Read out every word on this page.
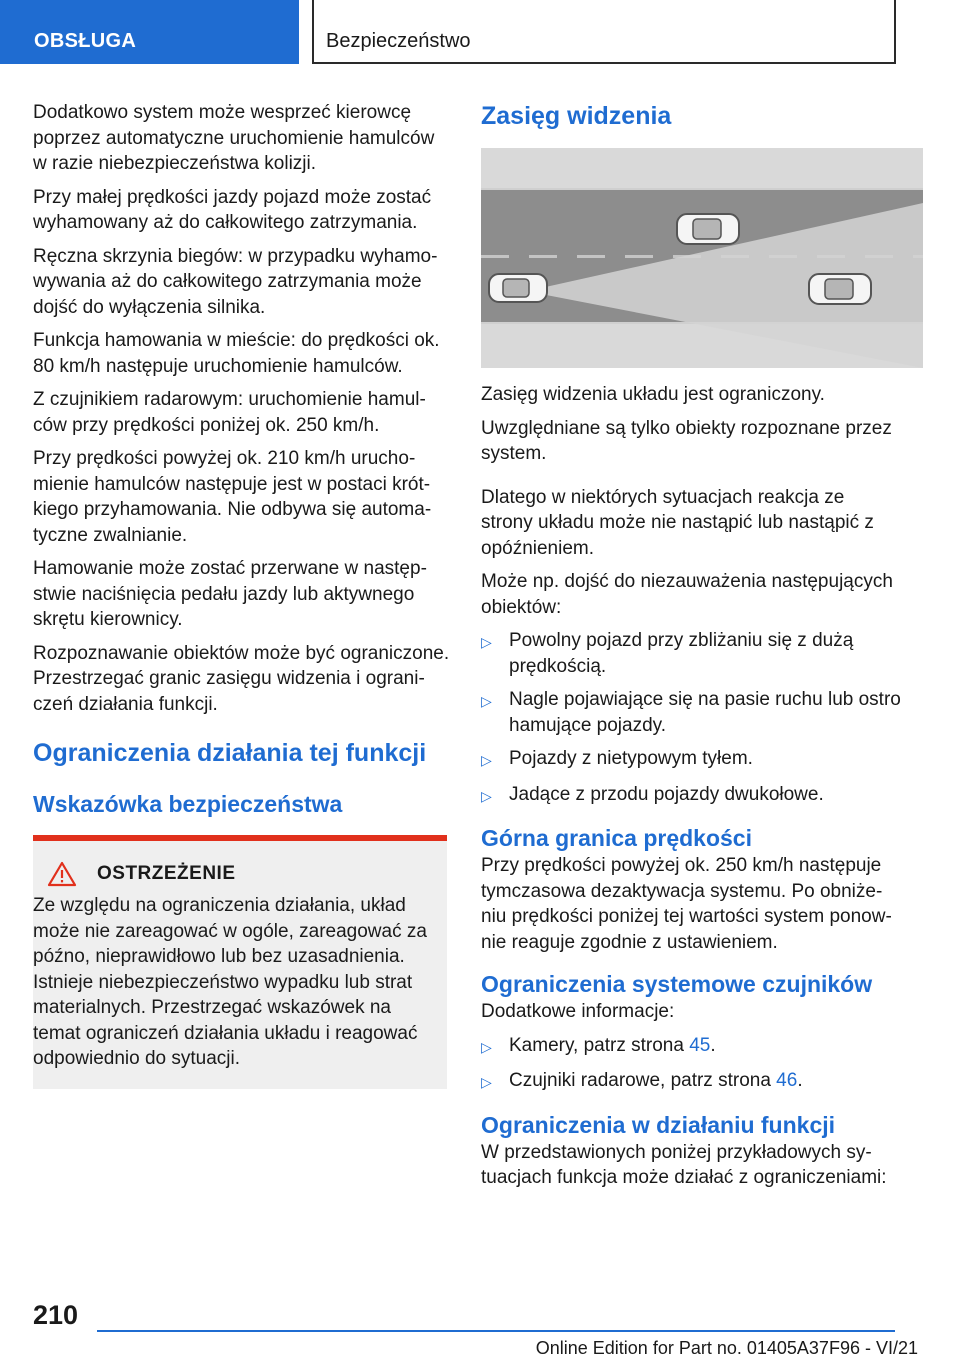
OBSŁUGA	Bezpieczeństwo

Dodatkowo system może wesprzeć kierowcę poprzez automatyczne uruchomienie hamulców w razie niebezpieczeństwa kolizji.

Przy małej prędkości jazdy pojazd może zostać wyhamowany aż do całkowitego zatrzymania.

Ręczna skrzynia biegów: w przypadku wyhamowywania aż do całkowitego zatrzymania może dojść do wyłączenia silnika.

Funkcja hamowania w mieście: do prędkości ok. 80 km/h następuje uruchomienie hamulców.

Z czujnikiem radarowym: uruchomienie hamulców przy prędkości poniżej ok. 250 km/h.

Przy prędkości powyżej ok. 210 km/h uruchomienie hamulców następuje jest w postaci krótkiego przyhamowania. Nie odbywa się automatyczne zwalnianie.

Hamowanie może zostać przerwane w następstwie naciśnięcia pedału jazdy lub aktywnego skrętu kierownicy.

Rozpoznawanie obiektów może być ograniczone. Przestrzegać granic zasięgu widzenia i ograniczeń działania funkcji.

Ograniczenia działania tej funkcji
Wskazówka bezpieczeństwa
OSTRZEŻENIE

Ze względu na ograniczenia działania, układ może nie zareagować w ogóle, zareagować za późno, nieprawidłowo lub bez uzasadnienia. Istnieje niebezpieczeństwo wypadku lub strat materialnych. Przestrzegać wskazówek na temat ograniczeń działania układu i reagować odpowiednio do sytuacji.

Zasięg widzenia

Zasięg widzenia układu jest ograniczony.

Uwzględniane są tylko obiekty rozpoznane przez system.

Dlatego w niektórych sytuacjach reakcja ze strony układu może nie nastąpić lub nastąpić z opóźnieniem.

Może np. dojść do niezauważenia następujących obiektów:

▷ Powolny pojazd przy zbliżaniu się z dużą prędkością.
▷ Nagle pojawiające się na pasie ruchu lub ostro hamujące pojazdy.
▷ Pojazdy z nietypowym tyłem.
▷ Jadące z przodu pojazdy dwukołowe.
Górna granica prędkości

Przy prędkości powyżej ok. 250 km/h następuje tymczasowa dezaktywacja systemu. Po obniżeniu prędkości poniżej tej wartości system ponownie reaguje zgodnie z ustawieniem.

Ograniczenia systemowe czujników

Dodatkowe informacje:

▷ Kamery, patrz strona 45.
▷ Czujniki radarowe, patrz strona 46.
Ograniczenia w działaniu funkcji

W przedstawionych poniżej przykładowych sytuacjach funkcja może działać z ograniczeniami:

210
Online Edition for Part no. 01405A37F96 - VI/21
